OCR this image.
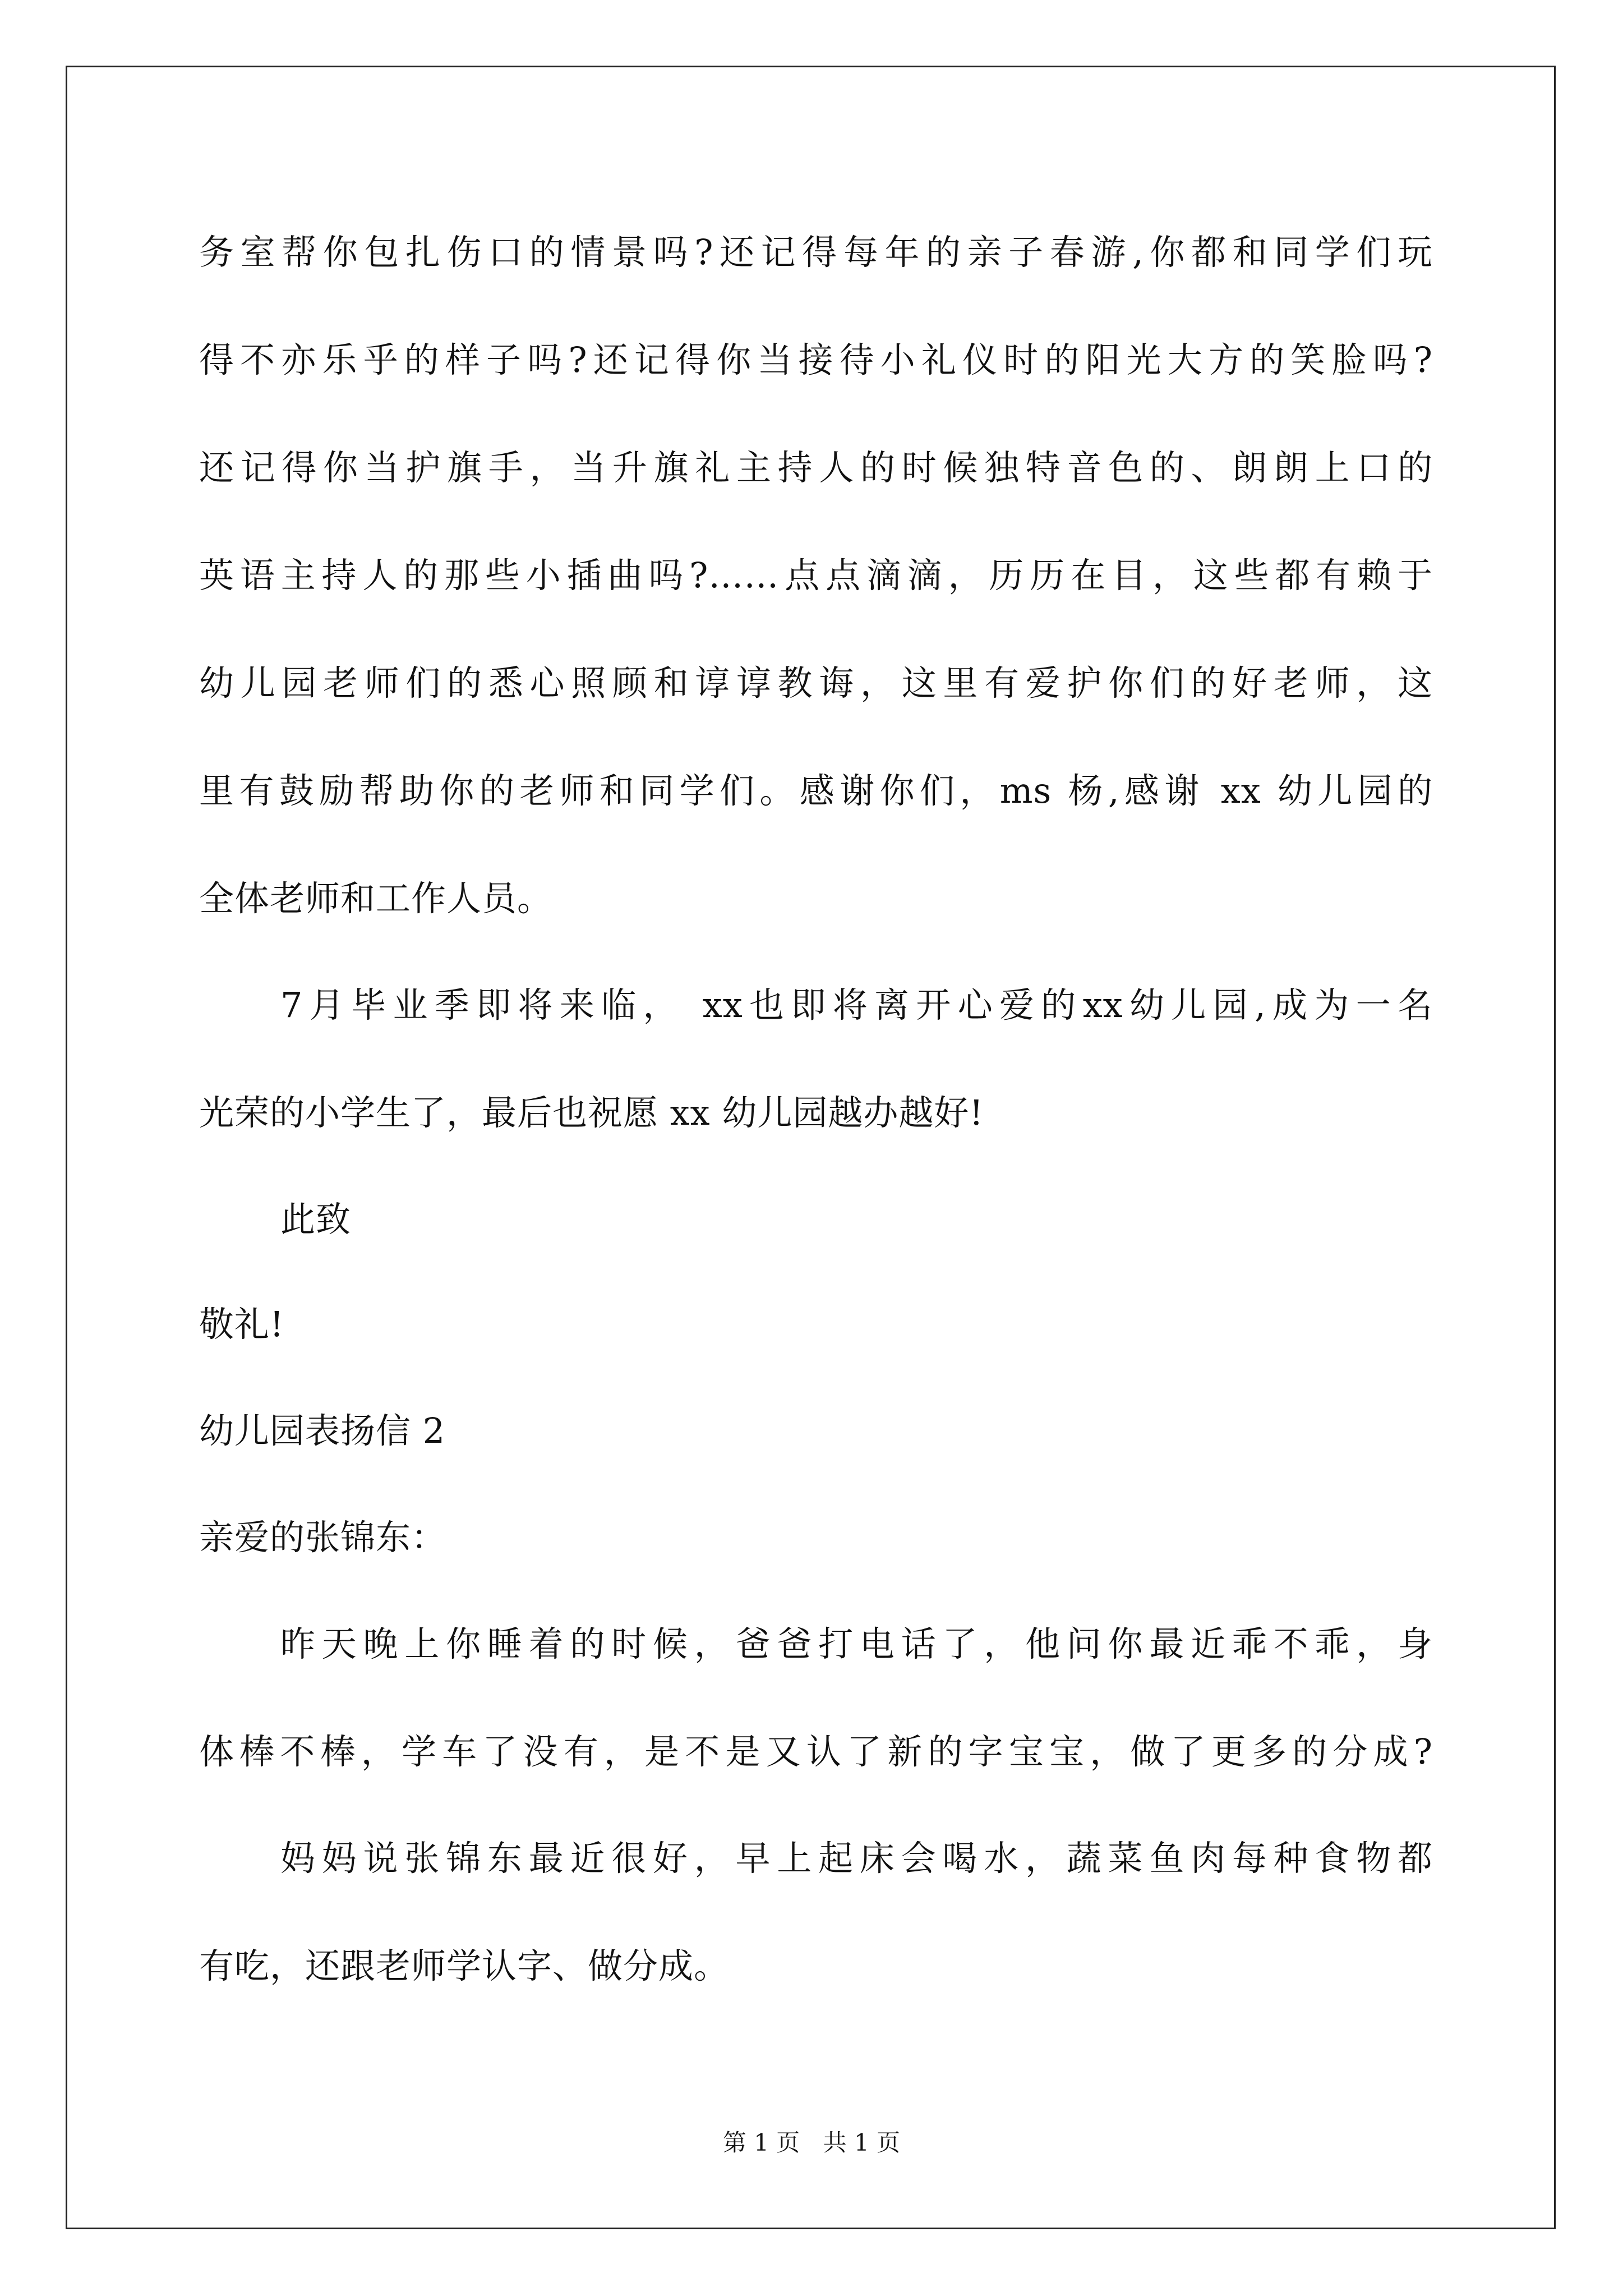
务室帮你包扎伤口的情景吗?还记得每年的亲子春游,你都和同学们玩
得不亦乐乎的样子吗?还记得你当接待小礼仪时的阳光大方的笑脸吗?
还记得你当护旗手，当升旗礼主持人的时候独特音色的、朗朗上口的
英语主持人的那些小插曲吗?……点点滴滴，历历在目，这些都有赖于
幼儿园老师们的悉心照顾和谆谆教诲，这里有爱护你们的好老师，这
里有鼓励帮助你的老师和同学们。感谢你们，ms 杨,感谢 xx 幼儿园的
全体老师和工作人员。
7月毕业季即将来临， xx也即将离开心爱的xx幼儿园,成为一名
光荣的小学生了，最后也祝愿 xx 幼儿园越办越好!
此致
敬礼!
幼儿园表扬信 2
亲爱的张锦东：
昨天晚上你睡着的时候，爸爸打电话了，他问你最近乖不乖，身
体棒不棒，学车了没有，是不是又认了新的字宝宝，做了更多的分成?
妈妈说张锦东最近很好，早上起床会喝水，蔬菜鱼肉每种食物都
有吃，还跟老师学认字、做分成。
第 1 页 共 1 页
